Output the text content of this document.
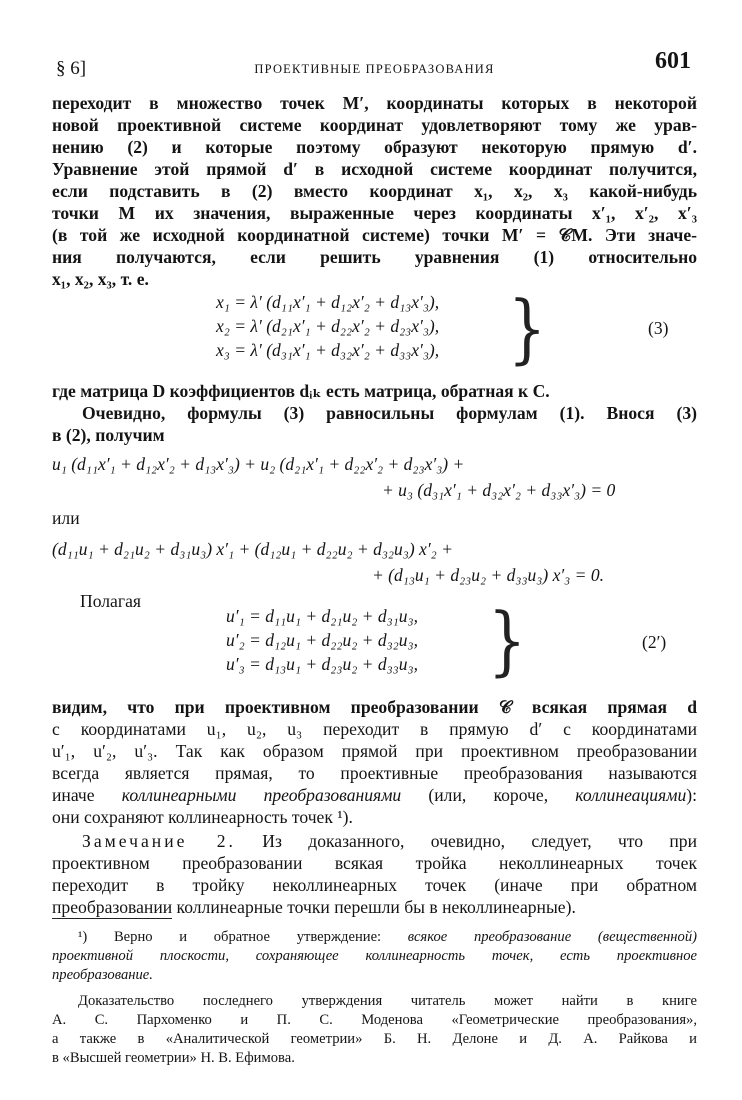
§ 6]	ПРОЕКТИВНЫЕ ПРЕОБРАЗОВАНИЯ	601
переходит в множество точек M′, координаты которых в некоторой
новой проективной системе координат удовлетворяют тому же урав-
нению (2) и которые поэтому образуют некоторую прямую d′.
Уравнение этой прямой d′ в исходной системе координат получится,
если подставить в (2) вместо координат x₁, x₂, x₃ какой-нибудь
точки M их значения, выраженные через координаты x′₁, x′₂, x′₃
(в той же исходной координатной системе) точки M′ = 𝒞M. Эти значе-
ния получаются, если решить уравнения (1) относительно
x₁, x₂, x₃, т. е.
x₁ = λ′ (d₁₁x′₁ + d₁₂x′₂ + d₁₃x′₃),
x₂ = λ′ (d₂₁x′₁ + d₂₂x′₂ + d₂₃x′₃),
x₃ = λ′ (d₃₁x′₁ + d₃₂x′₂ + d₃₃x′₃), }	(3)
где матрица D коэффициентов dᵢₖ есть матрица, обратная к C.
Очевидно, формулы (3) равносильны формулам (1). Внося (3)
в (2), получим
u₁ (d₁₁x′₁ + d₁₂x′₂ + d₁₃x′₃) + u₂ (d₂₁x′₁ + d₂₂x′₂ + d₂₃x′₃) +
+ u₃ (d₃₁x′₁ + d₃₂x′₂ + d₃₃x′₃) = 0
или
(d₁₁u₁ + d₂₁u₂ + d₃₁u₃) x′₁ + (d₁₂u₁ + d₂₂u₂ + d₃₂u₃) x′₂ +
+ (d₁₃u₁ + d₂₃u₂ + d₃₃u₃) x′₃ = 0.
Полагая
u′₁ = d₁₁u₁ + d₂₁u₂ + d₃₁u₃,
u′₂ = d₁₂u₁ + d₂₂u₂ + d₃₂u₃,
u′₃ = d₁₃u₁ + d₂₃u₂ + d₃₃u₃, }	(2′)
видим, что при проективном преобразовании 𝒞 всякая прямая d
с координатами u₁, u₂, u₃ переходит в прямую d′ с координатами
u′₁, u′₂, u′₃. Так как образом прямой при проективном преобразовании
всегда является прямая, то проективные преобразования называются
иначе коллинеарными преобразованиями (или, короче, коллинеациями):
они сохраняют коллинеарность точек ¹).
Замечание 2. Из доказанного, очевидно, следует, что при
проективном преобразовании всякая тройка неколлинеарных точек
переходит в тройку неколлинеарных точек (иначе при обратном
преобразовании коллинеарные точки перешли бы в неколлинеарные).
¹) Верно и обратное утверждение: всякое преобразование (вещественной)
проективной плоскости, сохраняющее коллинеарность точек, есть проективное
преобразование.
Доказательство последнего утверждения читатель может найти в книге
А. С. Пархоменко и П. С. Моденова «Геометрические преобразования»,
а также в «Аналитической геометрии» Б. Н. Делоне и Д. А. Райкова и
в «Высшей геометрии» Н. В. Ефимова.
